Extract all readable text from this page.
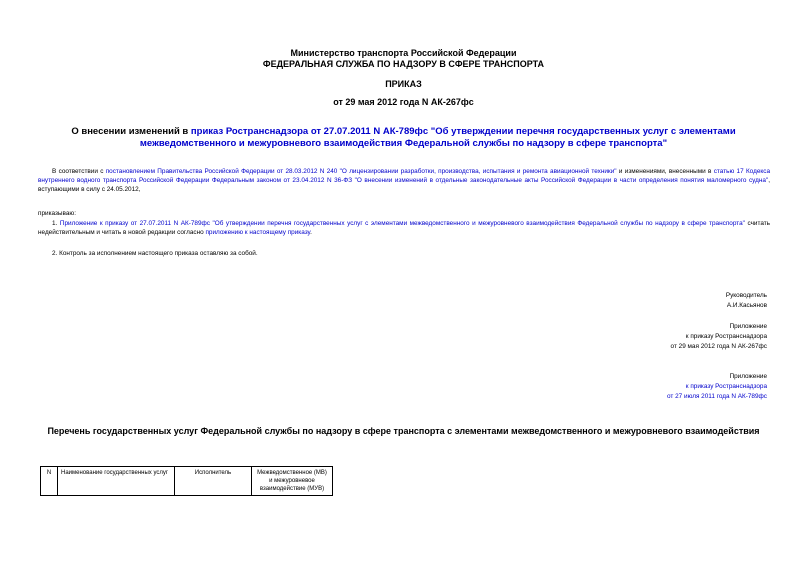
Министерство транспорта Российской Федерации
ФЕДЕРАЛЬНАЯ СЛУЖБА ПО НАДЗОРУ В СФЕРЕ ТРАНСПОРТА
ПРИКАЗ
от 29 мая 2012 года N АК-267фс
О внесении изменений в приказ Ространснадзора от 27.07.2011 N АК-789фс "Об утверждении перечня государственных услуг с элементами межведомственного и межуровневого взаимодействия Федеральной службы по надзору в сфере транспорта"
В соответствии с постановлением Правительства Российской Федерации от 28.03.2012 N 240 "О лицензировании разработки, производства, испытания и ремонта авиационной техники" и изменениями, внесенными в статью 17 Кодекса внутреннего водного транспорта Российской Федерации Федеральным законом от 23.04.2012 N 36-ФЗ "О внесении изменений в отдельные законодательные акты Российской Федерации в части определения понятия маломерного судна", вступающими в силу с 24.05.2012,
приказываю:
1. Приложение к приказу от 27.07.2011 N АК-789фс "Об утверждении перечня государственных услуг с элементами межведомственного и межуровневого взаимодействия Федеральной службы по надзору в сфере транспорта" считать недействительным и читать в новой редакции согласно приложению к настоящему приказу.
2. Контроль за исполнением настоящего приказа оставляю за собой.
Руководитель
А.И.Касьянов
Приложение
к приказу Ространснадзора
от 29 мая 2012 года N АК-267фс
Приложение
к приказу Ространснадзора
от 27 июля 2011 года N АК-789фс
Перечень государственных услуг Федеральной службы по надзору в сфере транспорта с элементами межведомственного и межуровневого взаимодействия
N	Наименование государственных услуг	Исполнитель	Межведомственное (МВ) и межуровневое взаимодействие (МУВ)
